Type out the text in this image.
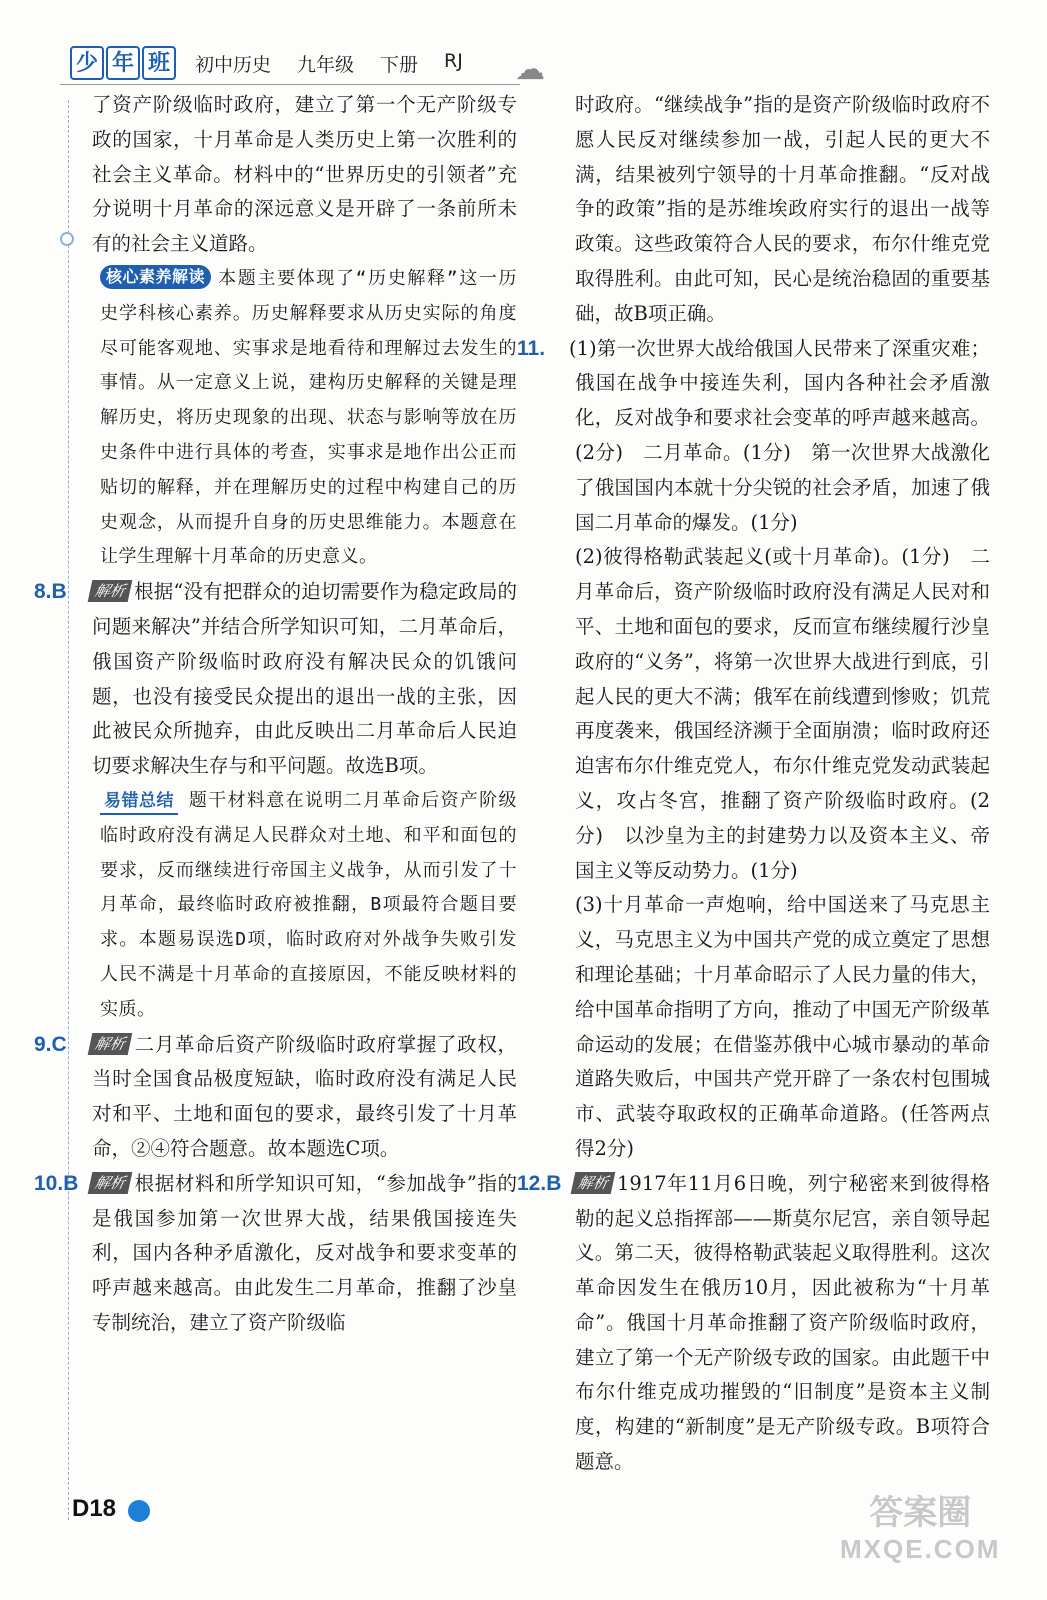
少 年 班	初中历史 九年级 下册 RJ ☁

了资产阶级临时政府，建立了第一个无产阶级专政的国家，十月革命是人类历史上第一次胜利的社会主义革命。材料中的“世界历史的引领者”充分说明十月革命的深远意义是开辟了一条前所未有的社会主义道路。

核心素养解读 本题主要体现了“历史解释”这一历史学科核心素养。历史解释要求从历史实际的角度尽可能客观地、实事求是地看待和理解过去发生的事情。从一定意义上说，建构历史解释的关键是理解历史，将历史现象的出现、状态与影响等放在历史条件中进行具体的考查，实事求是地作出公正而贴切的解释，并在理解历史的过程中构建自己的历史观念，从而提升自身的历史思维能力。本题意在让学生理解十月革命的历史意义。

8.B 解析 根据“没有把群众的迫切需要作为稳定政局的问题来解决”并结合所学知识可知，二月革命后，俄国资产阶级临时政府没有解决民众的饥饿问题，也没有接受民众提出的退出一战的主张，因此被民众所抛弃，由此反映出二月革命后人民迫切要求解决生存与和平问题。故选B项。

易错总结 题干材料意在说明二月革命后资产阶级临时政府没有满足人民群众对土地、和平和面包的要求，反而继续进行帝国主义战争，从而引发了十月革命，最终临时政府被推翻，B项最符合题目要求。本题易误选D项，临时政府对外战争失败引发人民不满是十月革命的直接原因，不能反映材料的实质。

9.C 解析 二月革命后资产阶级临时政府掌握了政权，当时全国食品极度短缺，临时政府没有满足人民对和平、土地和面包的要求，最终引发了十月革命，②④符合题意。故本题选C项。

10.B 解析 根据材料和所学知识可知，“参加战争”指的是俄国参加第一次世界大战，结果俄国接连失利，国内各种矛盾激化，反对战争和要求变革的呼声越来越高。由此发生二月革命，推翻了沙皇专制统治，建立了资产阶级临

时政府。“继续战争”指的是资产阶级临时政府不愿人民反对继续参加一战，引起人民的更大不满，结果被列宁领导的十月革命推翻。“反对战争的政策”指的是苏维埃政府实行的退出一战等政策。这些政策符合人民的要求，布尔什维克党取得胜利。由此可知，民心是统治稳固的重要基础，故B项正确。

11. (1)第一次世界大战给俄国人民带来了深重灾难；俄国在战争中接连失利，国内各种社会矛盾激化，反对战争和要求社会变革的呼声越来越高。(2分)　二月革命。(1分)　第一次世界大战激化了俄国国内本就十分尖锐的社会矛盾，加速了俄国二月革命的爆发。(1分)

(2)彼得格勒武装起义(或十月革命)。(1分)　二月革命后，资产阶级临时政府没有满足人民对和平、土地和面包的要求，反而宣布继续履行沙皇政府的“义务”，将第一次世界大战进行到底，引起人民的更大不满；俄军在前线遭到惨败；饥荒再度袭来，俄国经济濒于全面崩溃；临时政府还迫害布尔什维克党人，布尔什维克党发动武装起义，攻占冬宫，推翻了资产阶级临时政府。(2分)　以沙皇为主的封建势力以及资本主义、帝国主义等反动势力。(1分)

(3)十月革命一声炮响，给中国送来了马克思主义，马克思主义为中国共产党的成立奠定了思想和理论基础；十月革命昭示了人民力量的伟大，给中国革命指明了方向，推动了中国无产阶级革命运动的发展；在借鉴苏俄中心城市暴动的革命道路失败后，中国共产党开辟了一条农村包围城市、武装夺取政权的正确革命道路。(任答两点得2分)

12.B 解析 1917年11月6日晚，列宁秘密来到彼得格勒的起义总指挥部——斯莫尔尼宫，亲自领导起义。第二天，彼得格勒武装起义取得胜利。这次革命因发生在俄历10月，因此被称为“十月革命”。俄国十月革命推翻了资产阶级临时政府，建立了第一个无产阶级专政的国家。由此题干中布尔什维克成功摧毁的“旧制度”是资本主义制度，构建的“新制度”是无产阶级专政。B项符合题意。

D18	答案圈
MXQE.COM
